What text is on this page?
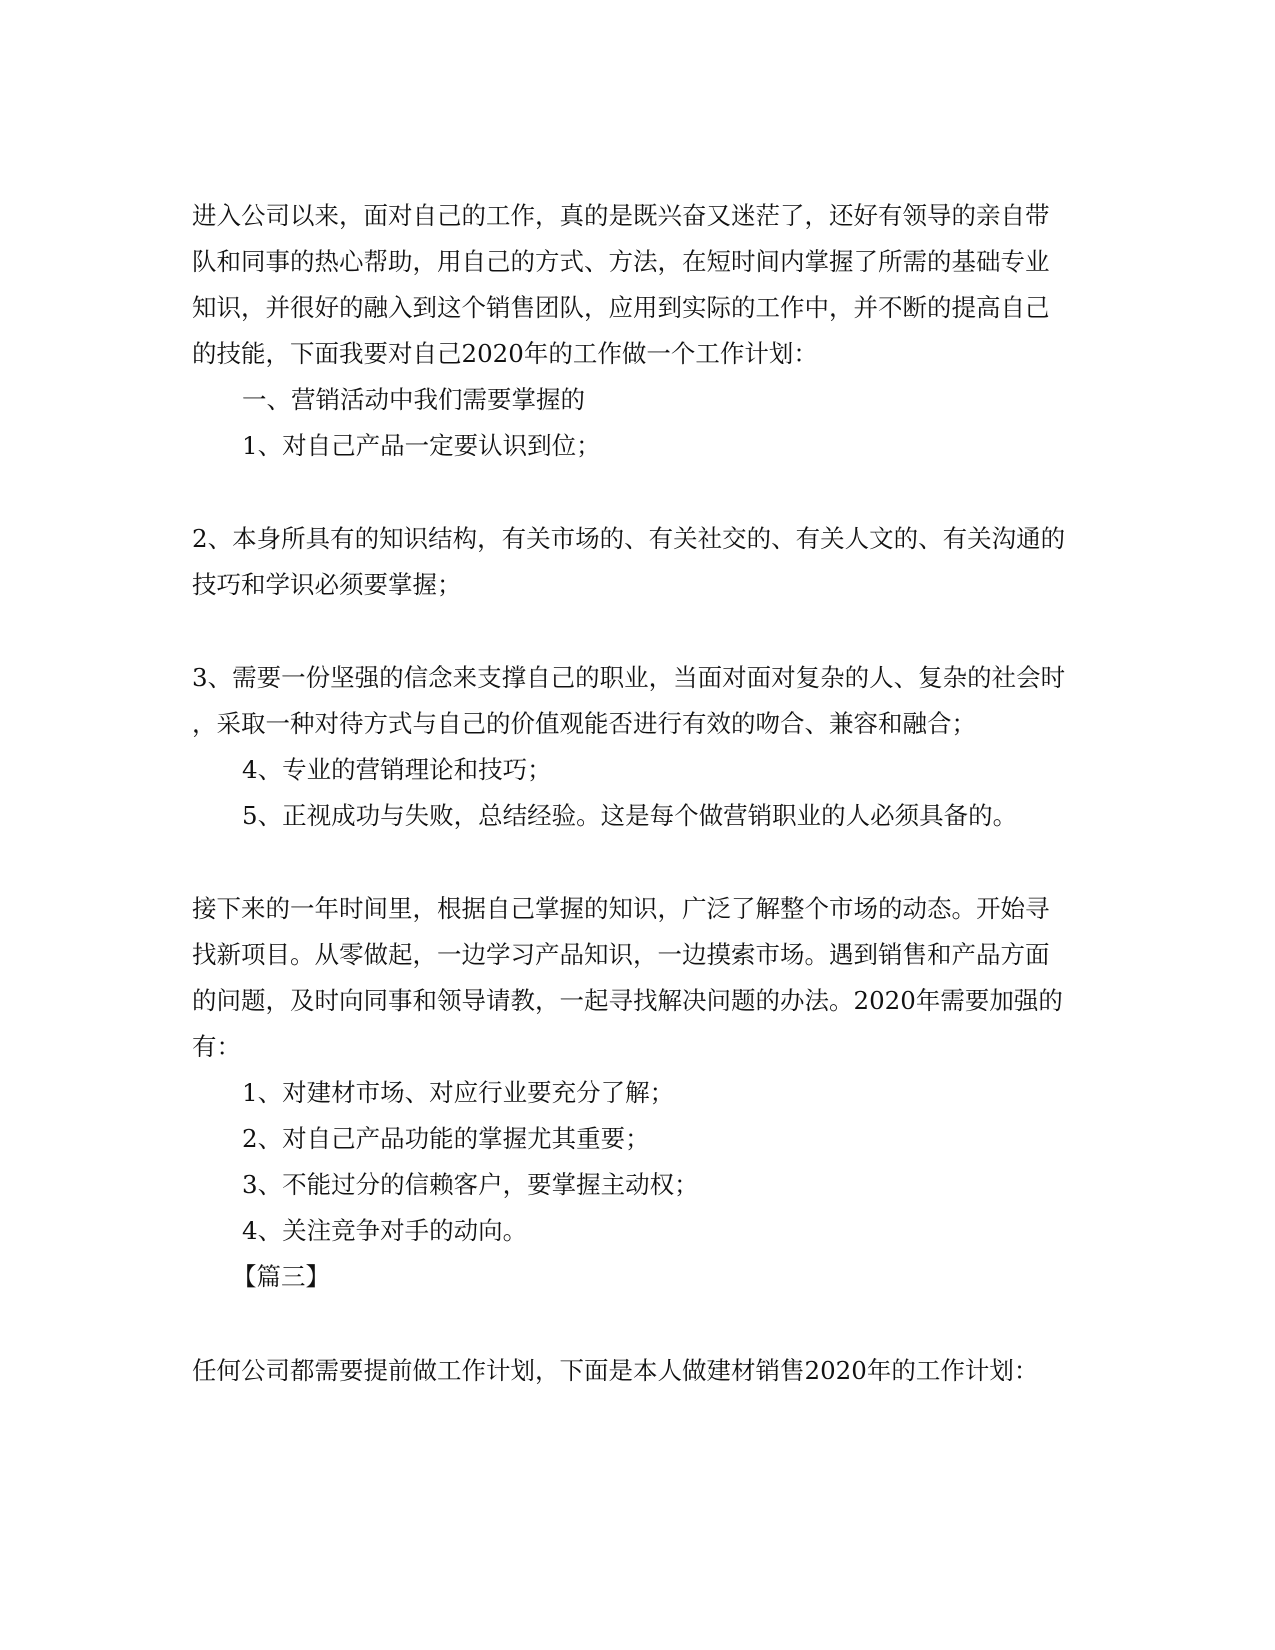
进入公司以来，面对自己的工作，真的是既兴奋又迷茫了，还好有领导的亲自带
队和同事的热心帮助，用自己的方式、方法，在短时间内掌握了所需的基础专业
知识，并很好的融入到这个销售团队，应用到实际的工作中，并不断的提高自己
的技能，下面我要对自己2020年的工作做一个工作计划：
一、营销活动中我们需要掌握的
1、对自己产品一定要认识到位；
2、本身所具有的知识结构，有关市场的、有关社交的、有关人文的、有关沟通的
技巧和学识必须要掌握；
3、需要一份坚强的信念来支撑自己的职业，当面对面对复杂的人、复杂的社会时
，采取一种对待方式与自己的价值观能否进行有效的吻合、兼容和融合；
4、专业的营销理论和技巧；
5、正视成功与失败，总结经验。这是每个做营销职业的人必须具备的。
接下来的一年时间里，根据自己掌握的知识，广泛了解整个市场的动态。开始寻
找新项目。从零做起，一边学习产品知识，一边摸索市场。遇到销售和产品方面
的问题，及时向同事和领导请教，一起寻找解决问题的办法。2020年需要加强的
有：
1、对建材市场、对应行业要充分了解；
2、对自己产品功能的掌握尤其重要；
3、不能过分的信赖客户，要掌握主动权；
4、关注竞争对手的动向。
【篇三】
任何公司都需要提前做工作计划，下面是本人做建材销售2020年的工作计划：
